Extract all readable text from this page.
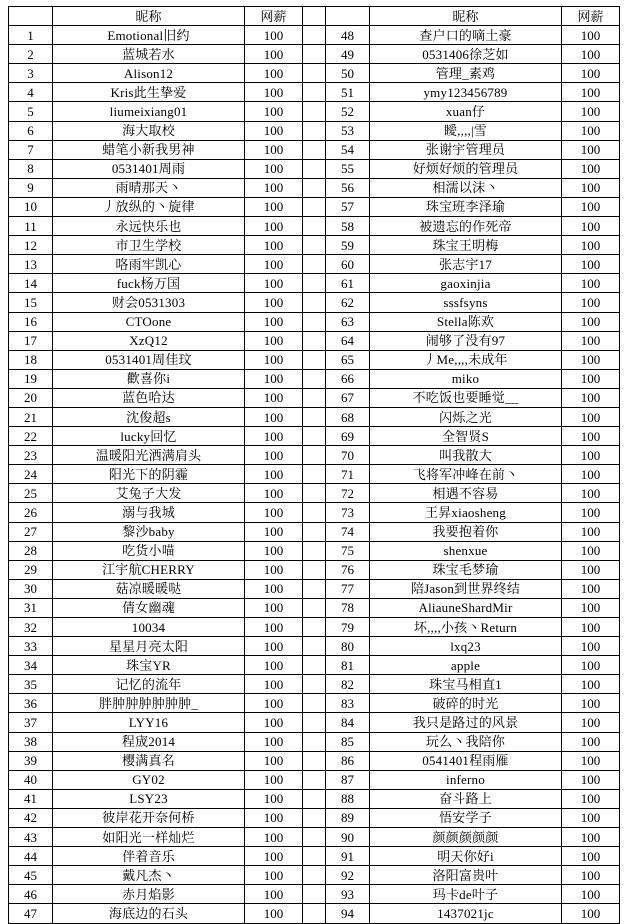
	昵称	网薪			昵称	网薪
1	Emotional旧约	100		48	查户口的嘀土豪	100
2	蓝城若水	100		49	0531406徐芝如	100
3	Alison12	100		50	管理_素鸡	100
4	Kris此生挚爱	100		51	ymy123456789	100
5	liumeixiang01	100		52	xuan仔	100
6	海大取校	100		53	瞹,,,,|雪	100
7	蜡笔小新我男神	100		54	张谢宇管理员	100
8	0531401周雨	100		55	好烦好烦的管理员	100
9	雨晴那天丶	100		56	相濡以沫丶	100
10	丿放纵的丶旋律	100		57	珠宝班李泽瑜	100
11	永远快乐也	100		58	被遗忘的作死帝	100
12	市卫生学校	100		59	珠宝王明梅	100
13	咯雨牢凯心	100		60	张志宇17	100
14	fuck杨万国	100		61	gaoxinjia	100
15	财会0531303	100		62	sssfsyns	100
16	CTOone	100		63	Stella陈欢	100
17	XzQ12	100		64	闹够了没有97	100
18	0531401周佳玟	100		65	丿Me,,,,未成年	100
19	歡喜你i	100		66	miko	100
20	蓝色哈达	100		67	不吃饭也要睡觉__	100
21	沈俊超s	100		68	闪烁之光	100
22	lucky回忆	100		69	全智贤S	100
23	温暖阳光洒满肩头	100		70	叫我散大	100
24	阳光下的阴霾	100		71	飞将军冲峰在前丶	100
25	艾兔子大发	100		72	相遇不容易	100
26	溺与我城	100		73	王昇xiaosheng	100
27	黎沙baby	100		74	我要抱着你	100
28	吃货小喵	100		75	shenxue	100
29	江宇航CHERRY	100		76	珠宝毛梦瑜	100
30	菇凉暖暖哒	100		77	陪Jason到世界终结	100
31	倩女幽魂	100		78	AliauneShardMir	100
32	10034	100		79	坏,,,,小孩丶Return	100
33	星星月亮太阳	100		80	lxq23	100
34	珠宝YR	100		81	apple	100
35	记忆的流年	100		82	珠宝马相直1	100
36	胖肿肿肿肿肿肿_	100		83	破碎的时光	100
37	LYY16	100		84	我只是路过的风景	100
38	程宬2014	100		85	玩么丶我陪你	100
39	樱满真名	100		86	0541401程雨雁	100
40	GY02	100		87	inferno	100
41	LSY23	100		88	奋斗路上	100
42	彼岸花开奈何桥	100		89	悟安学子	100
43	如阳光一样灿烂	100		90	颜颜颜颜颜	100
44	伴着音乐	100		91	明天你好i	100
45	戴凡杰丶	100		92	洛阳富贵叶	100
46	赤月焰影	100		93	玛卡de叶子	100
47	海底边的石头	100		94	1437021jc	100
